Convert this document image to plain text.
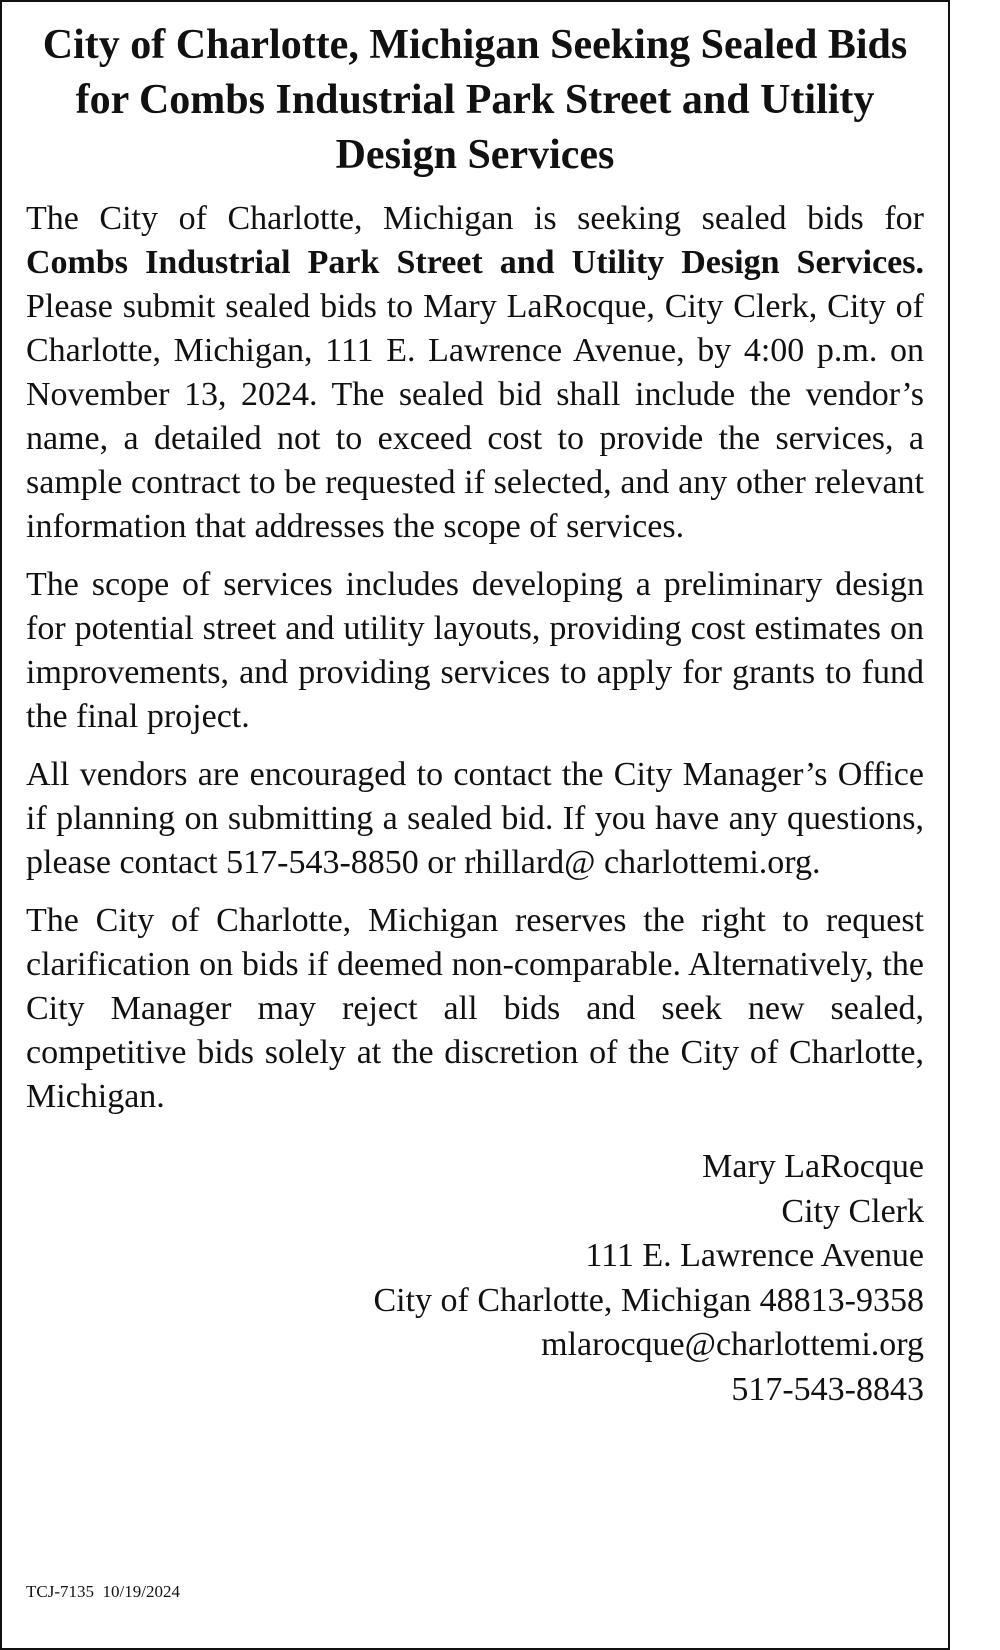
City of Charlotte, Michigan Seeking Sealed Bids for Combs Industrial Park Street and Utility Design Services

The City of Charlotte, Michigan is seeking sealed bids for Combs Industrial Park Street and Utility Design Services. Please submit sealed bids to Mary LaRocque, City Clerk, City of Charlotte, Michigan, 111 E. Lawrence Avenue, by 4:00 p.m. on November 13, 2024. The sealed bid shall include the vendor’s name, a detailed not to exceed cost to provide the services, a sample contract to be requested if selected, and any other relevant information that addresses the scope of services.

The scope of services includes developing a preliminary design for potential street and utility layouts, providing cost estimates on improvements, and providing services to apply for grants to fund the final project.

All vendors are encouraged to contact the City Manager’s Office if planning on submitting a sealed bid. If you have any questions, please contact 517-543-8850 or rhillard@ charlottemi.org.

The City of Charlotte, Michigan reserves the right to request clarification on bids if deemed non-comparable. Alternatively, the City Manager may reject all bids and seek new sealed, competitive bids solely at the discretion of the City of Charlotte, Michigan.

Mary LaRocque
City Clerk
111 E. Lawrence Avenue
City of Charlotte, Michigan 48813-9358
mlarocque@charlottemi.org
517-543-8843
TCJ-7135  10/19/2024
